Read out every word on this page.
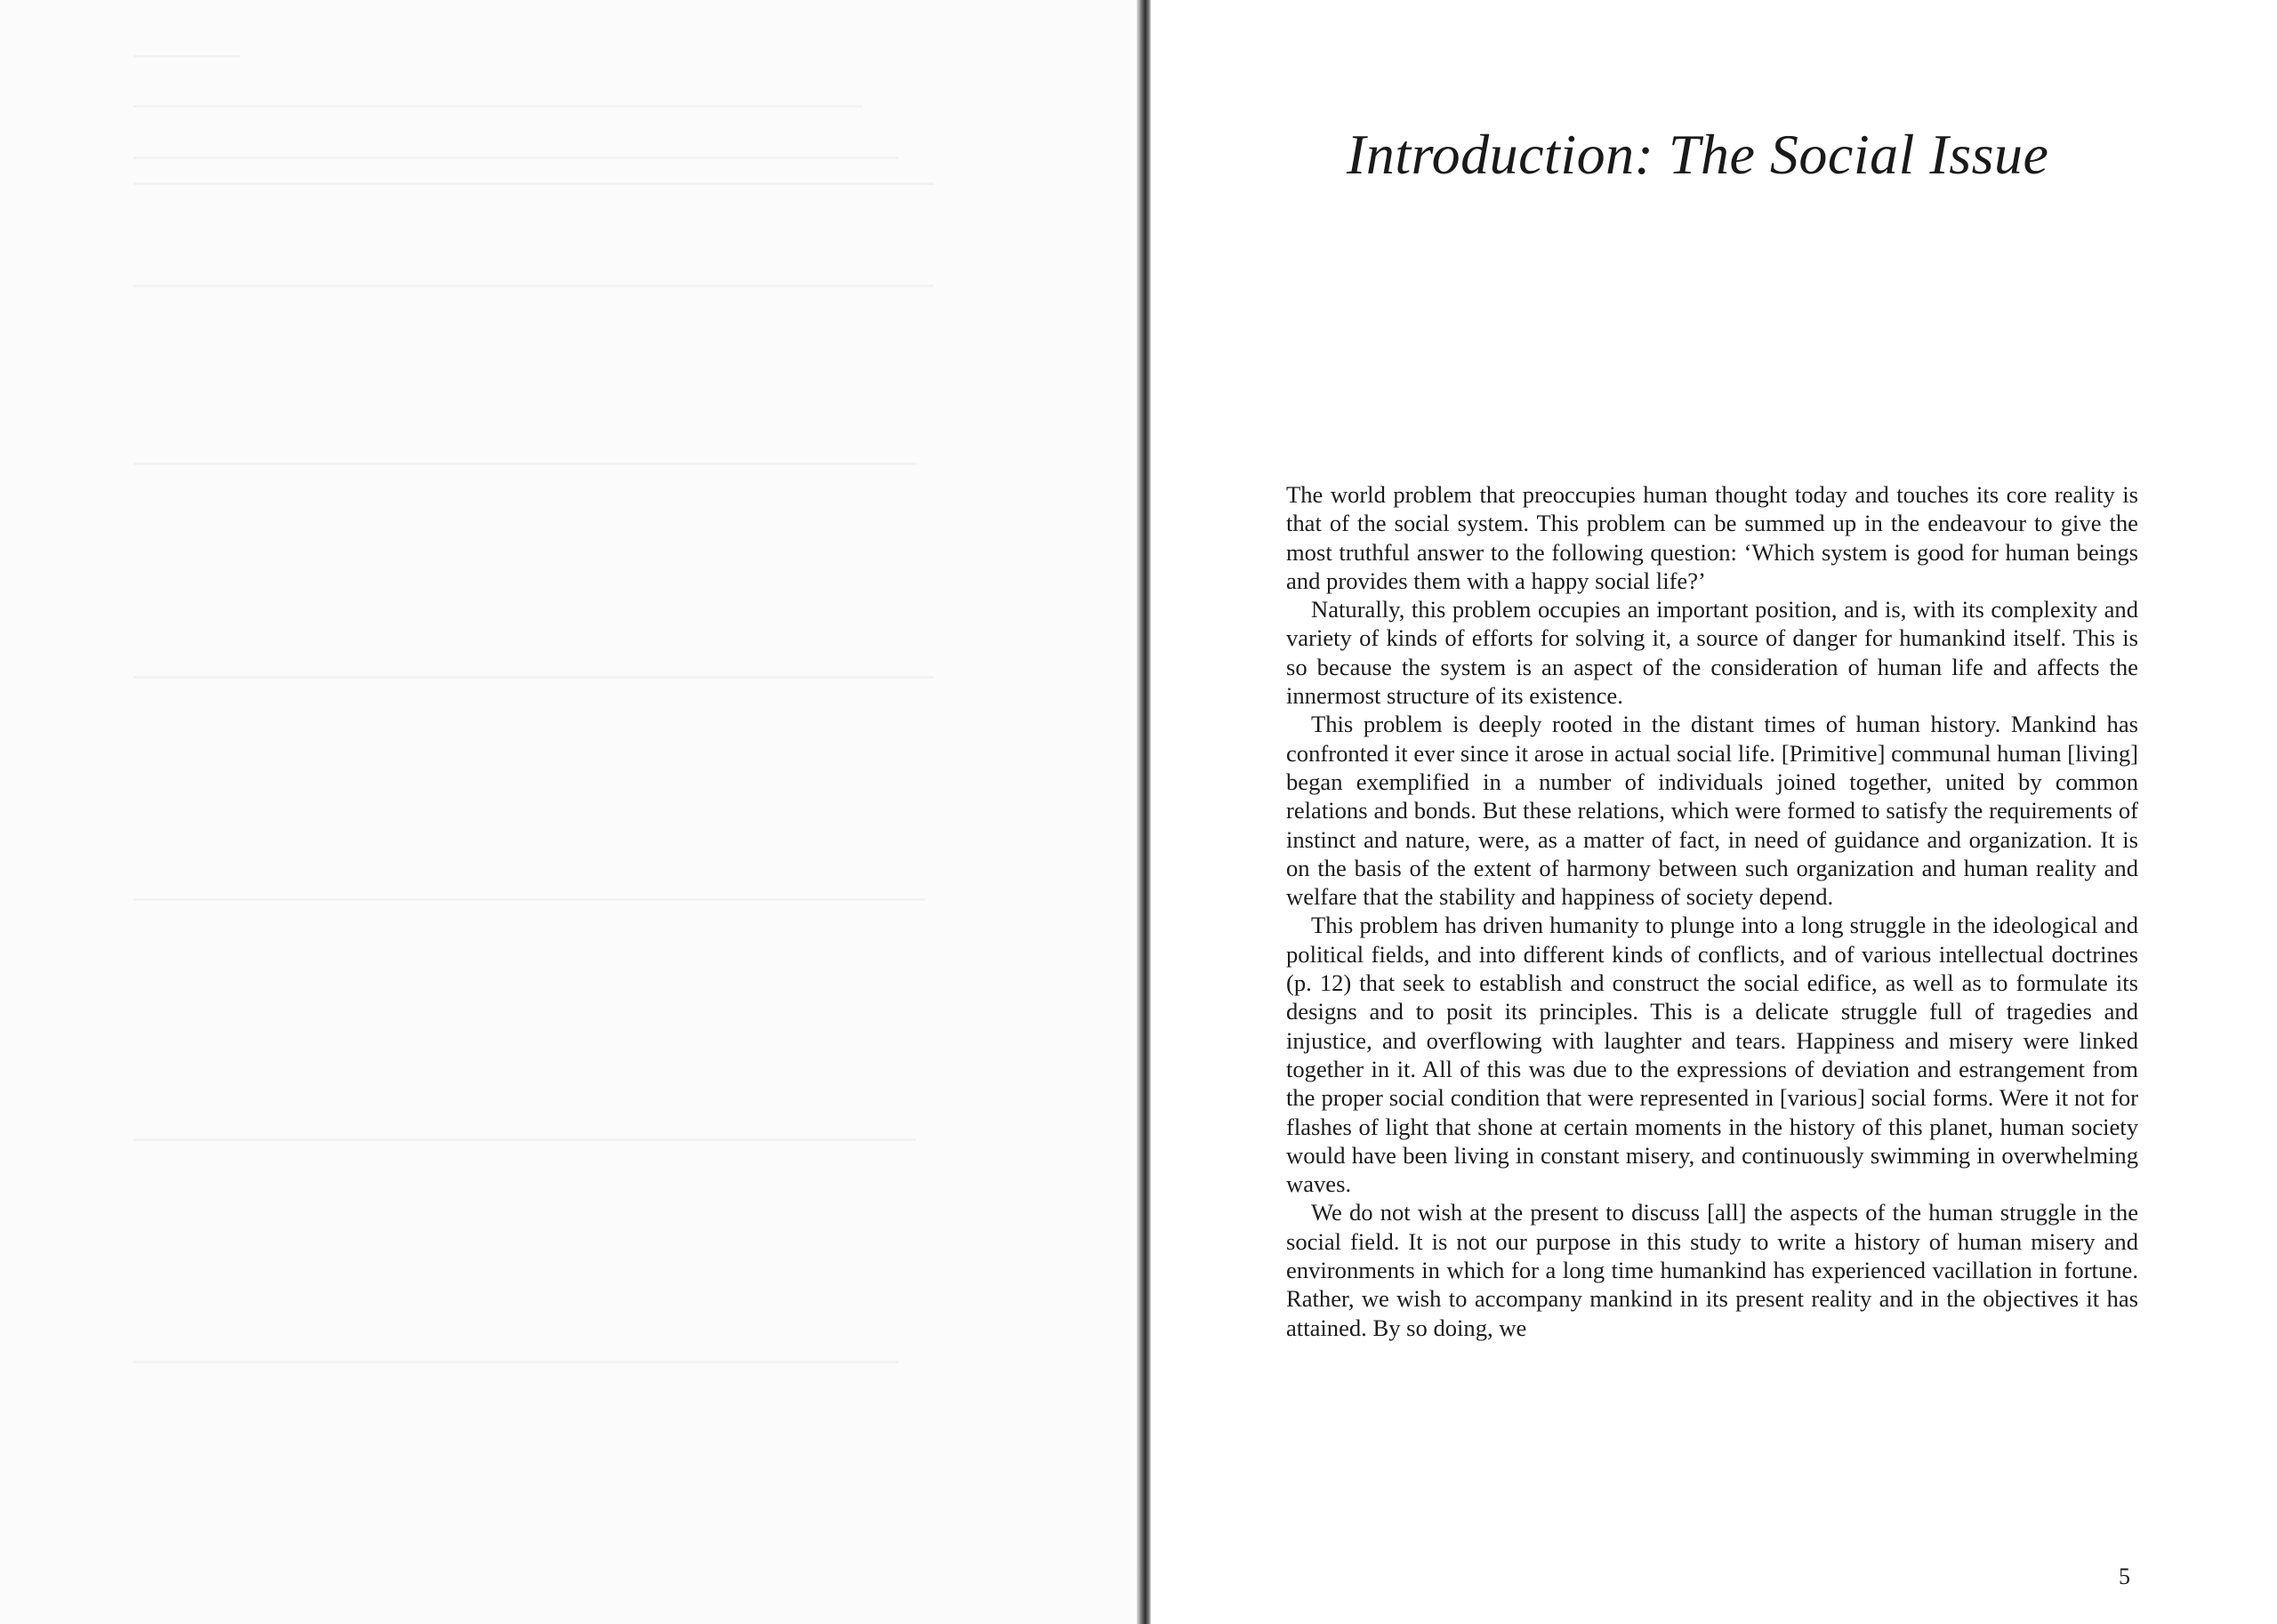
Introduction: The Social Issue

The world problem that preoccupies human thought today and touches its core reality is that of the social system. This problem can be summed up in the endeavour to give the most truthful answer to the following question: ‘Which system is good for human beings and provides them with a happy social life?’

Naturally, this problem occupies an important position, and is, with its complexity and variety of kinds of efforts for solving it, a source of danger for humankind itself. This is so because the system is an aspect of the consideration of human life and affects the innermost structure of its existence.

This problem is deeply rooted in the distant times of human history. Mankind has confronted it ever since it arose in actual social life. [Primitive] communal human [living] began exemplified in a number of individuals joined together, united by common relations and bonds. But these relations, which were formed to satisfy the requirements of instinct and nature, were, as a matter of fact, in need of guidance and organization. It is on the basis of the extent of harmony between such organization and human reality and welfare that the stability and happiness of society depend.

This problem has driven humanity to plunge into a long struggle in the ideological and political fields, and into different kinds of conflicts, and of various intellectual doctrines (p. 12) that seek to establish and construct the social edifice, as well as to formulate its designs and to posit its principles. This is a delicate struggle full of tragedies and injustice, and overflowing with laughter and tears. Happiness and misery were linked together in it. All of this was due to the expressions of deviation and estrangement from the proper social condition that were represented in [various] social forms. Were it not for flashes of light that shone at certain moments in the history of this planet, human society would have been living in constant misery, and continuously swimming in overwhelming waves.

We do not wish at the present to discuss [all] the aspects of the human struggle in the social field. It is not our purpose in this study to write a history of human misery and environments in which for a long time humankind has experienced vacillation in fortune. Rather, we wish to accompany mankind in its present reality and in the objectives it has attained. By so doing, we

5
